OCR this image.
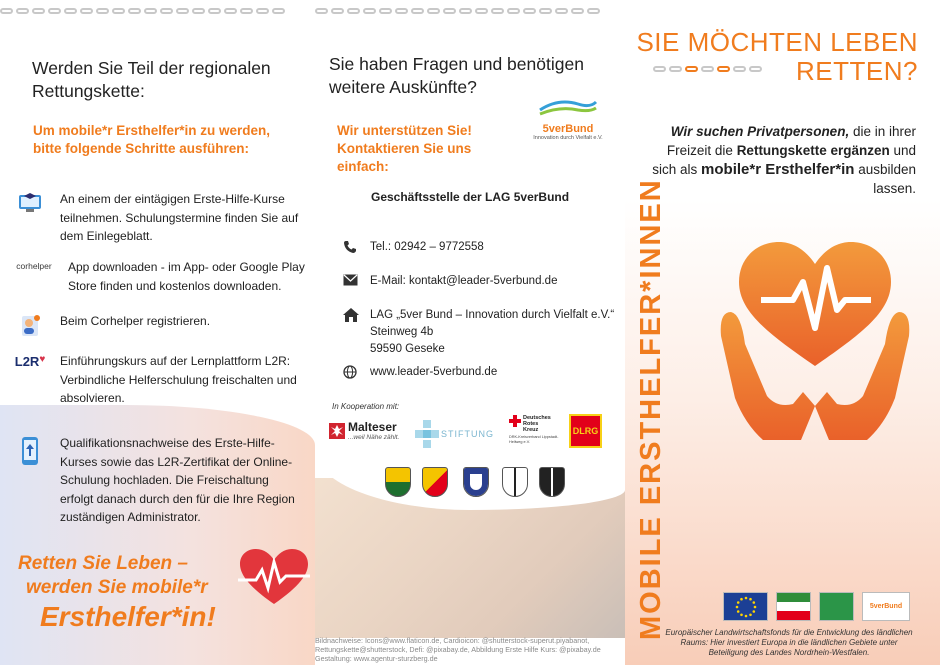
Werden Sie Teil der regionalen Rettungskette:

Um mobile*r Ersthelfer*in zu werden, bitte folgende Schritte ausführen:

An einem der eintägigen Erste-Hilfe-Kurse teilnehmen. Schulungstermine finden Sie auf dem Einlegeblatt.

corhelper App downloaden - im App- oder Google Play Store finden und kostenlos downloaden.

Beim Corhelper registrieren.

L2R ♥ Einführungskurs auf der Lernplattform L2R: Verbindliche Helferschulung freischalten und absolvieren.

Qualifikationsnachweise des Erste-Hilfe-Kurses sowie das L2R-Zertifikat der Online-Schulung hochladen. Die Freischaltung erfolgt danach durch den für die Ihre Region zuständigen Administrator.

Retten Sie Leben –
werden Sie mobile*r
Ersthelfer*in!
Sie haben Fragen und benötigen weitere Auskünfte?

Wir unterstützen Sie! Kontaktieren Sie uns einfach:

5verBund
Innovation durch Vielfalt e.V.

Geschäftsstelle der LAG 5verBund

Tel.: 02942 – 9772558
E-Mail: kontakt@leader-5verbund.de
LAG „5ver Bund – Innovation durch Vielfalt e.V.“
Steinweg 4b
59590 Geseke
www.leader-5verbund.de

In Kooperation mit:

Malteser
...weil Nähe zählt.	STIFTUNG
Deutsches
Rotes
Kreuz
DRK-Kreisverband Lippstadt-Hellweg e.V.
DLRG

Bildnachweise: Icons@www.flaticon.de, Cardioicon: @shutterstock-superut.piyabanot, Rettungskette@shutterstock, Defi: @pixabay.de, Abbildung Erste Hilfe Kurs: @pixabay.de Gestaltung: www.agentur-sturzberg.de

SIE MÖCHTEN LEBEN
RETTEN?

Wir suchen Privatpersonen, die in ihrer Freizeit die Rettungskette ergänzen und sich als mobile*r Ersthelfer*in ausbilden lassen.

MOBILE ERSTHELFER*INNEN	5verBund

Europäischer Landwirtschaftsfonds für die Entwicklung des ländlichen Raums: Hier investiert Europa in die ländlichen Gebiete unter Beteiligung des Landes Nordrhein-Westfalen.
